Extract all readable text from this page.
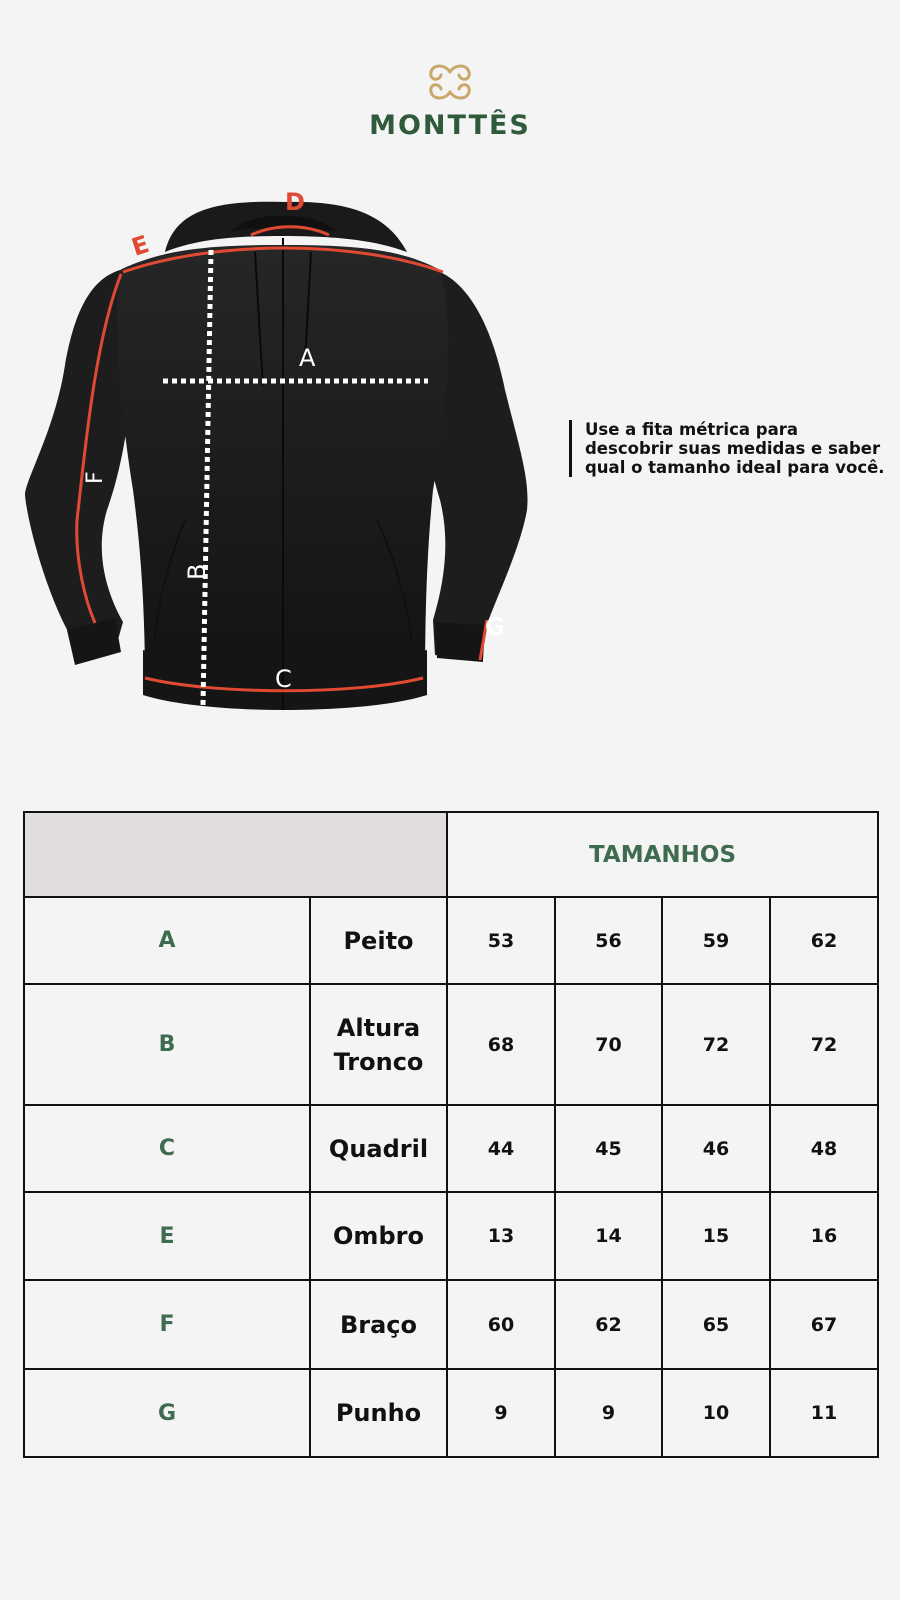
MONTTÊS
A
B
C
D
E
F
G
Use a fita métrica para descobrir suas medidas e saber qual o tamanho ideal para você.
		TAMANHOS			
A	Peito	53	56	59	62
B	Altura Tronco	68	70	72	72
C	Quadril	44	45	46	48
E	Ombro	13	14	15	16
F	Braço	60	62	65	67
G	Punho	9	9	10	11
